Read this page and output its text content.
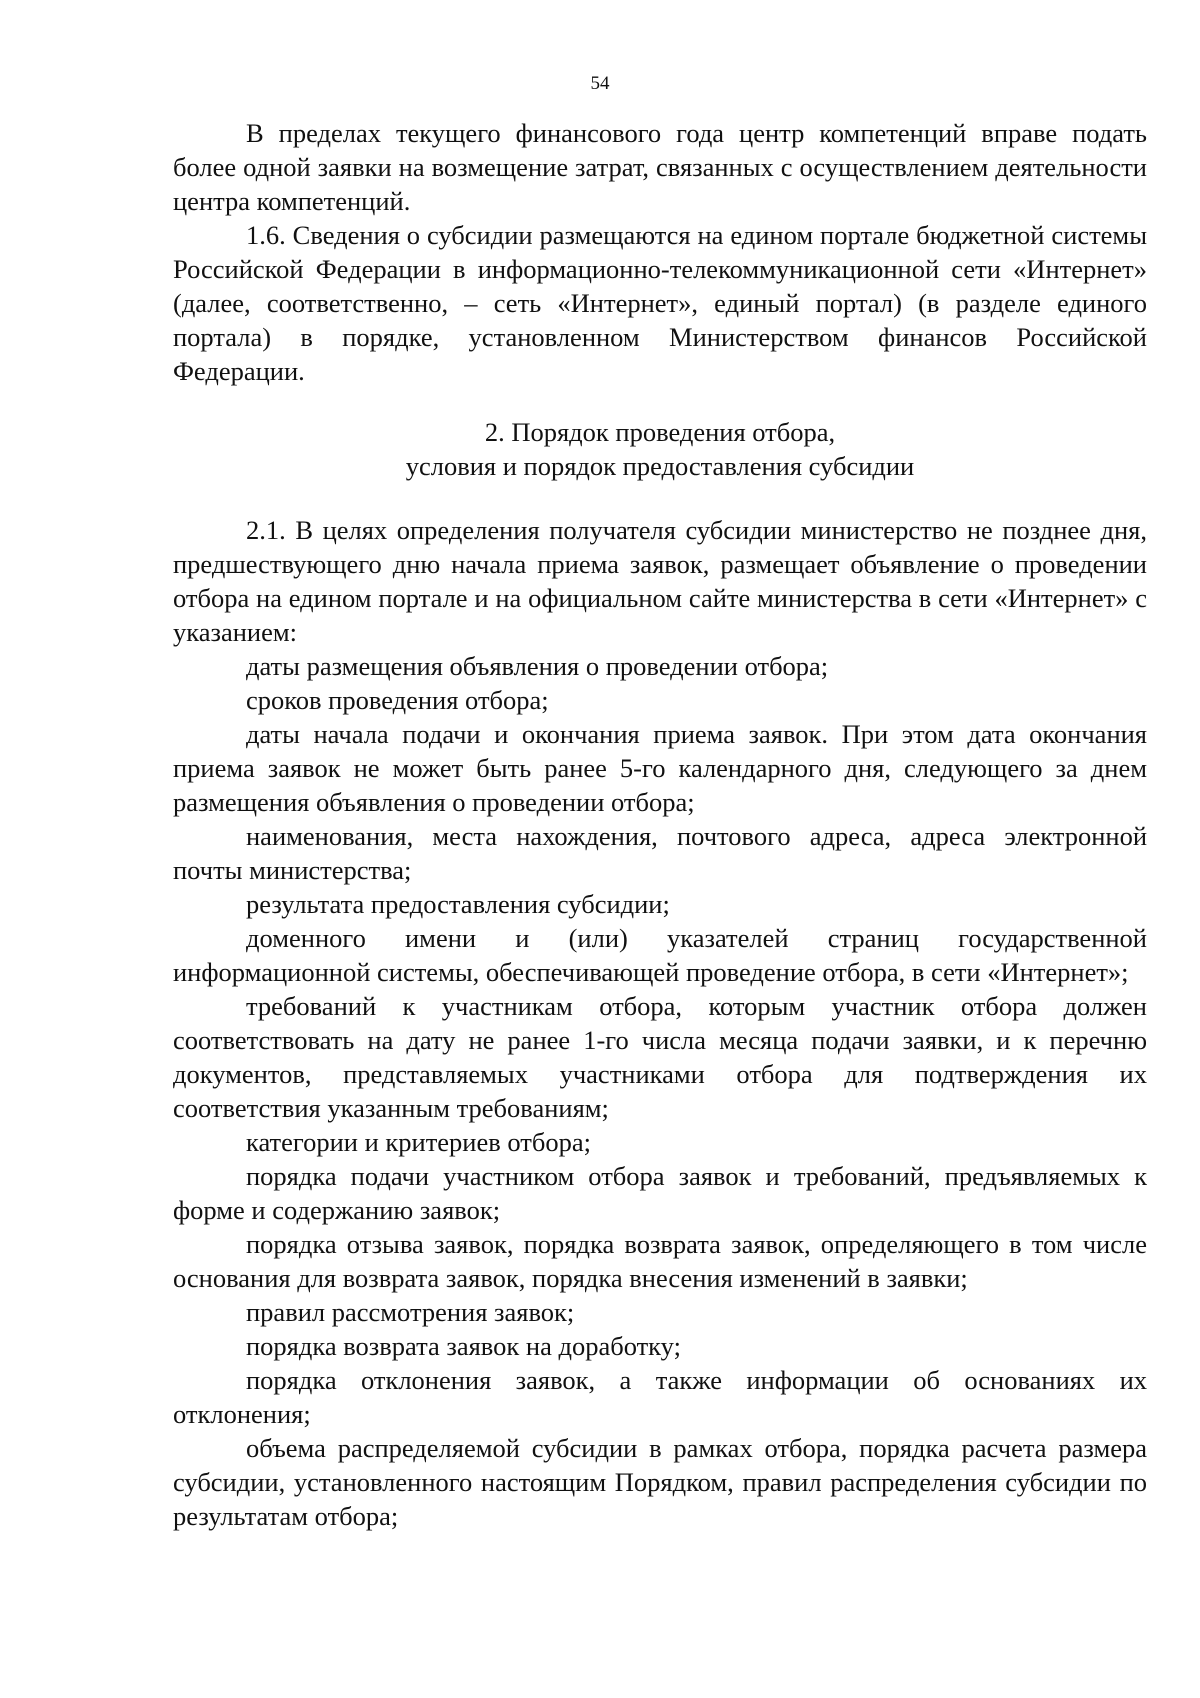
54

В пределах текущего финансового года центр компетенций вправе подать более одной заявки на возмещение затрат, связанных с осуществлением деятельности центра компетенций.

1.6. Сведения о субсидии размещаются на едином портале бюджетной системы Российской Федерации в информационно-телекоммуникационной сети «Интернет» (далее, соответственно, – сеть «Интернет», единый портал) (в разделе единого портала) в порядке, установленном Министерством финансов Российской Федерации.

2. Порядок проведения отбора,
условия и порядок предоставления субсидии

2.1. В целях определения получателя субсидии министерство не позднее дня, предшествующего дню начала приема заявок, размещает объявление о проведении отбора на едином портале и на официальном сайте министерства в сети «Интернет» с указанием:

даты размещения объявления о проведении отбора;

сроков проведения отбора;

даты начала подачи и окончания приема заявок. При этом дата окончания приема заявок не может быть ранее 5-го календарного дня, следующего за днем размещения объявления о проведении отбора;

наименования, места нахождения, почтового адреса, адреса электронной почты министерства;

результата предоставления субсидии;

доменного имени и (или) указателей страниц государственной информационной системы, обеспечивающей проведение отбора, в сети «Интернет»;

требований к участникам отбора, которым участник отбора должен соответствовать на дату не ранее 1-го числа месяца подачи заявки, и к перечню документов, представляемых участниками отбора для подтверждения их соответствия указанным требованиям;

категории и критериев отбора;

порядка подачи участником отбора заявок и требований, предъявляемых к форме и содержанию заявок;

порядка отзыва заявок, порядка возврата заявок, определяющего в том числе основания для возврата заявок, порядка внесения изменений в заявки;

правил рассмотрения заявок;

порядка возврата заявок на доработку;

порядка отклонения заявок, а также информации об основаниях их отклонения;

объема распределяемой субсидии в рамках отбора, порядка расчета размера субсидии, установленного настоящим Порядком, правил распределения субсидии по результатам отбора;
